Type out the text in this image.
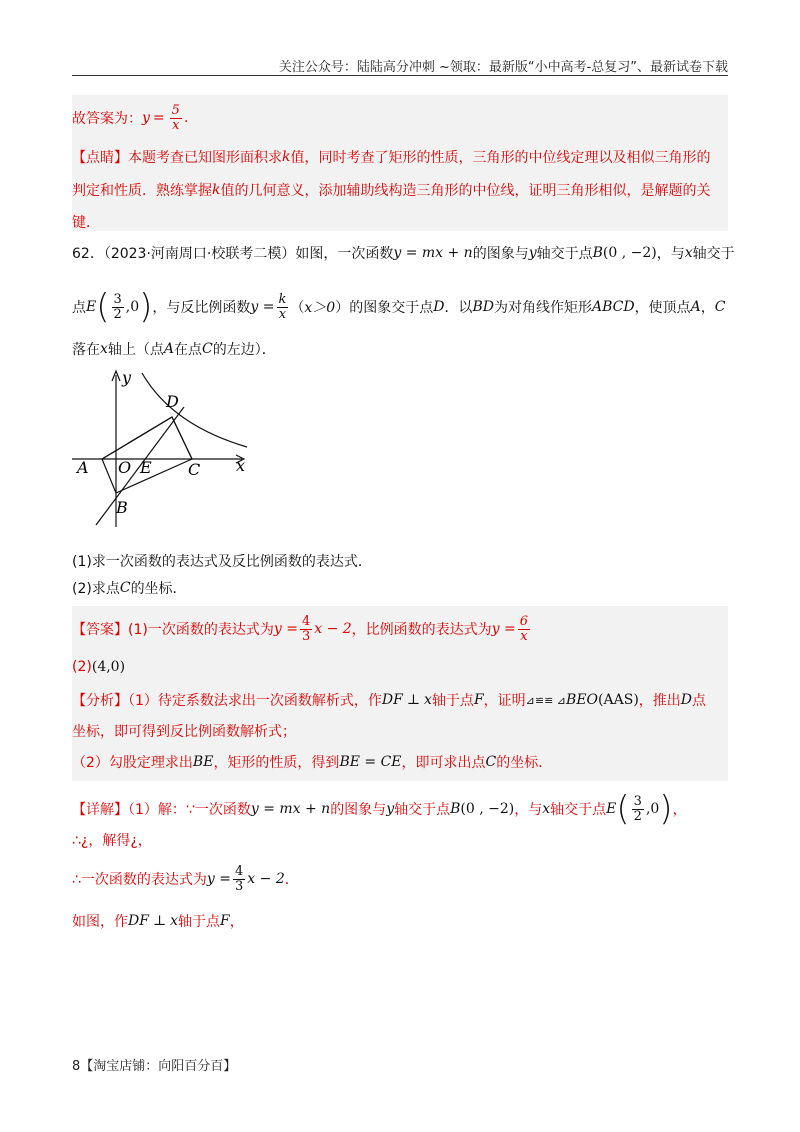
关注公众号：陆陆高分冲刺 ~领取：最新版“小中高考-总复习”、最新试卷下载
故答案为： $y = \frac{5}{x}$ .
【点睛】本题考查已知图形面积求 k 值，同时考查了矩形的性质，三角形的中位线定理以及相似三角形的
判定和性质．熟练掌握 k 值的几何意义，添加辅助线构造三角形的中位线，证明三角形相似，是解题的关
键．
62．（2023·河南周口·校联考二模）如图，一次函数 y = mx + n 的图象与 y 轴交于点 B ( 0 , −2 ) ，与 x 轴交于
点 E ( $\frac{3}{2} ,0$ ) ，与反比例函数 $y = \frac{k}{x}$ （ x＞0 ）的图象交于点 D ．以 BD 为对角线作矩形 ABCD ，使顶点 A ， C
落在 x 轴上（点 A 在点 C 的左边）．
y
x
D
A O E C
B
(1)求一次函数的表达式及反比例函数的表达式．
(2)求点 C 的坐标．
【答案】(1)一次函数的表达式为 $y = \frac{4}{3}$ x − 2 ，比例函数的表达式为 $y = \frac{6}{x}$
(2) ( 4,0 )
【分析】（1）待定系数法求出一次函数解析式，作 DF ⊥ x 轴于点 F ，证明 ⊿≌≌ ⊿ BEO ( AAS ) ，推出 D 点
坐标，即可得到反比例函数解析式；
（2）勾股定理求出 BE ，矩形的性质，得到 BE = CE ，即可求出点 C 的坐标．
【详解】（1）解：∵一次函数 y = mx + n 的图象与 y 轴交于点 B ( 0 , −2 ) ，与 x 轴交于点 E ( $\frac{3}{2} ,0$ ) ，
∴¿，解得¿，
∴一次函数的表达式为 $y = \frac{4}{3}$ x − 2 ．
如图，作 DF ⊥ x 轴于点 F ，
8【淘宝店铺：向阳百分百】
